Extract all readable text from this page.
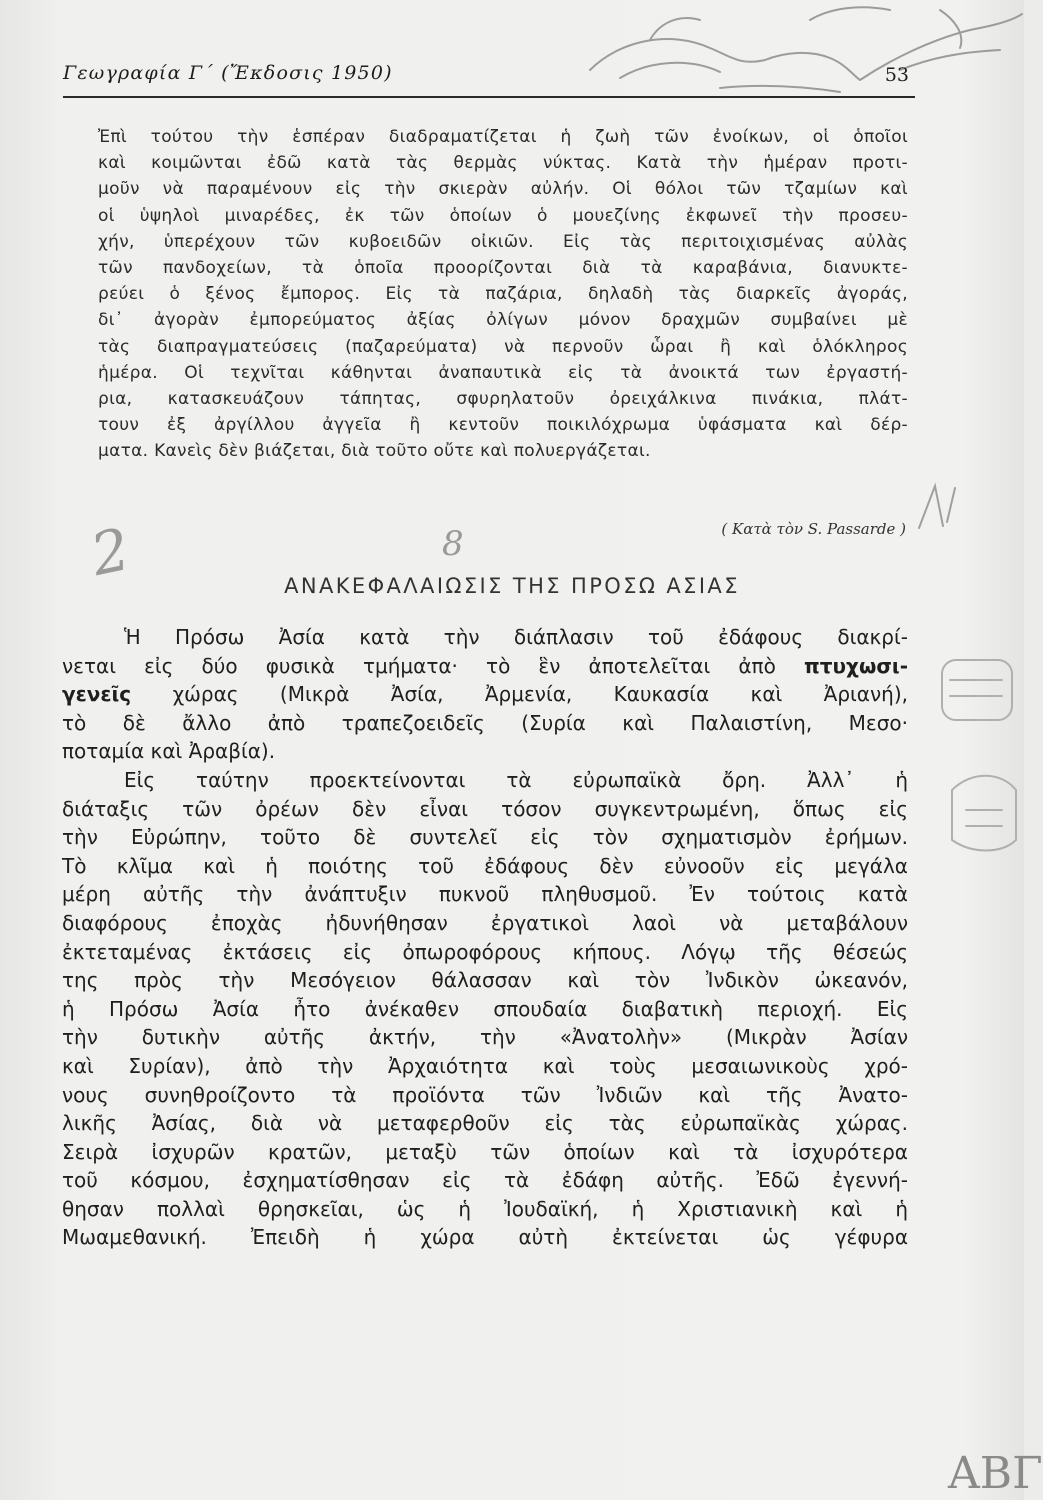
Γεωγραφία Γ΄ (Ἔκδοσις 1950)	53
Ἐπὶ τούτου τὴν ἑσπέραν διαδραματίζεται ἡ ζωὴ τῶν ἐνοίκων, οἱ ὁποῖοι
καὶ κοιμῶνται ἐδῶ κατὰ τὰς θερμὰς νύκτας. Κατὰ τὴν ἡμέραν προτι-
μοῦν νὰ παραμένουν εἰς τὴν σκιερὰν αὐλήν. Οἱ θόλοι τῶν τζαμίων καὶ
οἱ ὑψηλοὶ μιναρέδες, ἐκ τῶν ὁποίων ὁ μουεζίνης ἐκφωνεῖ τὴν προσευ-
χήν, ὑπερέχουν τῶν κυβοειδῶν οἰκιῶν. Εἰς τὰς περιτοιχισμένας αὐλὰς
τῶν πανδοχείων, τὰ ὁποῖα προορίζονται διὰ τὰ καραβάνια, διανυκτε-
ρεύει ὁ ξένος ἔμπορος. Εἰς τὰ παζάρια, δηλαδὴ τὰς διαρκεῖς ἀγοράς,
δι᾽ ἀγορὰν ἐμπορεύματος ἀξίας ὀλίγων μόνον δραχμῶν συμβαίνει μὲ
τὰς διαπραγματεύσεις (παζαρεύματα) νὰ περνοῦν ὧραι ἢ καὶ ὁλόκληρος
ἡμέρα. Οἱ τεχνῖται κάθηνται ἀναπαυτικὰ εἰς τὰ ἀνοικτά των ἐργαστή-
ρια, κατασκευάζουν τάπητας, σφυρηλατοῦν ὀρειχάλκινα πινάκια, πλάτ-
τουν ἐξ ἀργίλλου ἀγγεῖα ἢ κεντοῦν ποικιλόχρωμα ὑφάσματα καὶ δέρ-
ματα. Κανεὶς δὲν βιάζεται, διὰ τοῦτο οὔτε καὶ πολυεργάζεται.
( Κατὰ τὸν S. Passarde )
2	8
ΑΝΑΚΕΦΑΛΑΙΩΣΙΣ ΤΗΣ ΠΡΟΣΩ ΑΣΙΑΣ
Ἡ Πρόσω Ἀσία κατὰ τὴν διάπλασιν τοῦ ἐδάφους διακρί-
νεται εἰς δύο φυσικὰ τμήματα· τὸ ἓν ἀποτελεῖται ἀπὸ πτυχωσι-
γενεῖς χώρας (Μικρὰ Ἀσία, Ἀρμενία, Καυκασία καὶ Ἀριανή),
τὸ δὲ ἄλλο ἀπὸ τραπεζοειδεῖς (Συρία καὶ Παλαιστίνη, Μεσο·
ποταμία καὶ Ἀραβία).
Εἰς ταύτην προεκτείνονται τὰ εὐρωπαϊκὰ ὄρη. Ἀλλ᾽ ἡ
διάταξις τῶν ὀρέων δὲν εἶναι τόσον συγκεντρωμένη, ὅπως εἰς
τὴν Εὐρώπην, τοῦτο δὲ συντελεῖ εἰς τὸν σχηματισμὸν ἐρήμων.
Τὸ κλῖμα καὶ ἡ ποιότης τοῦ ἐδάφους δὲν εὐνοοῦν εἰς μεγάλα
μέρη αὐτῆς τὴν ἀνάπτυξιν πυκνοῦ πληθυσμοῦ. Ἐν τούτοις κατὰ
διαφόρους ἐποχὰς ἠδυνήθησαν ἐργατικοὶ λαοὶ νὰ μεταβάλουν
ἐκτεταμένας ἐκτάσεις εἰς ὀπωροφόρους κήπους. Λόγῳ τῆς θέσεώς
της πρὸς τὴν Μεσόγειον θάλασσαν καὶ τὸν Ἰνδικὸν ὠκεανόν,
ἡ Πρόσω Ἀσία ἦτο ἀνέκαθεν σπουδαία διαβατικὴ περιοχή. Εἰς
τὴν δυτικὴν αὐτῆς ἀκτήν, τὴν «Ἀνατολὴν» (Μικρὰν Ἀσίαν
καὶ Συρίαν), ἀπὸ τὴν Ἀρχαιότητα καὶ τοὺς μεσαιωνικοὺς χρό-
νους συνηθροίζοντο τὰ προϊόντα τῶν Ἰνδιῶν καὶ τῆς Ἀνατο-
λικῆς Ἀσίας, διὰ νὰ μεταφερθοῦν εἰς τὰς εὐρωπαϊκὰς χώρας.
Σειρὰ ἰσχυρῶν κρατῶν, μεταξὺ τῶν ὁποίων καὶ τὰ ἰσχυρότερα
τοῦ κόσμου, ἐσχηματίσθησαν εἰς τὰ ἐδάφη αὐτῆς. Ἐδῶ ἐγεννή-
θησαν πολλαὶ θρησκεῖαι, ὡς ἡ Ἰουδαϊκή, ἡ Χριστιανικὴ καὶ ἡ
Μωαμεθανική. Ἐπειδὴ ἡ χώρα αὐτὴ ἐκτείνεται ὡς γέφυρα
ΑΒΓ
